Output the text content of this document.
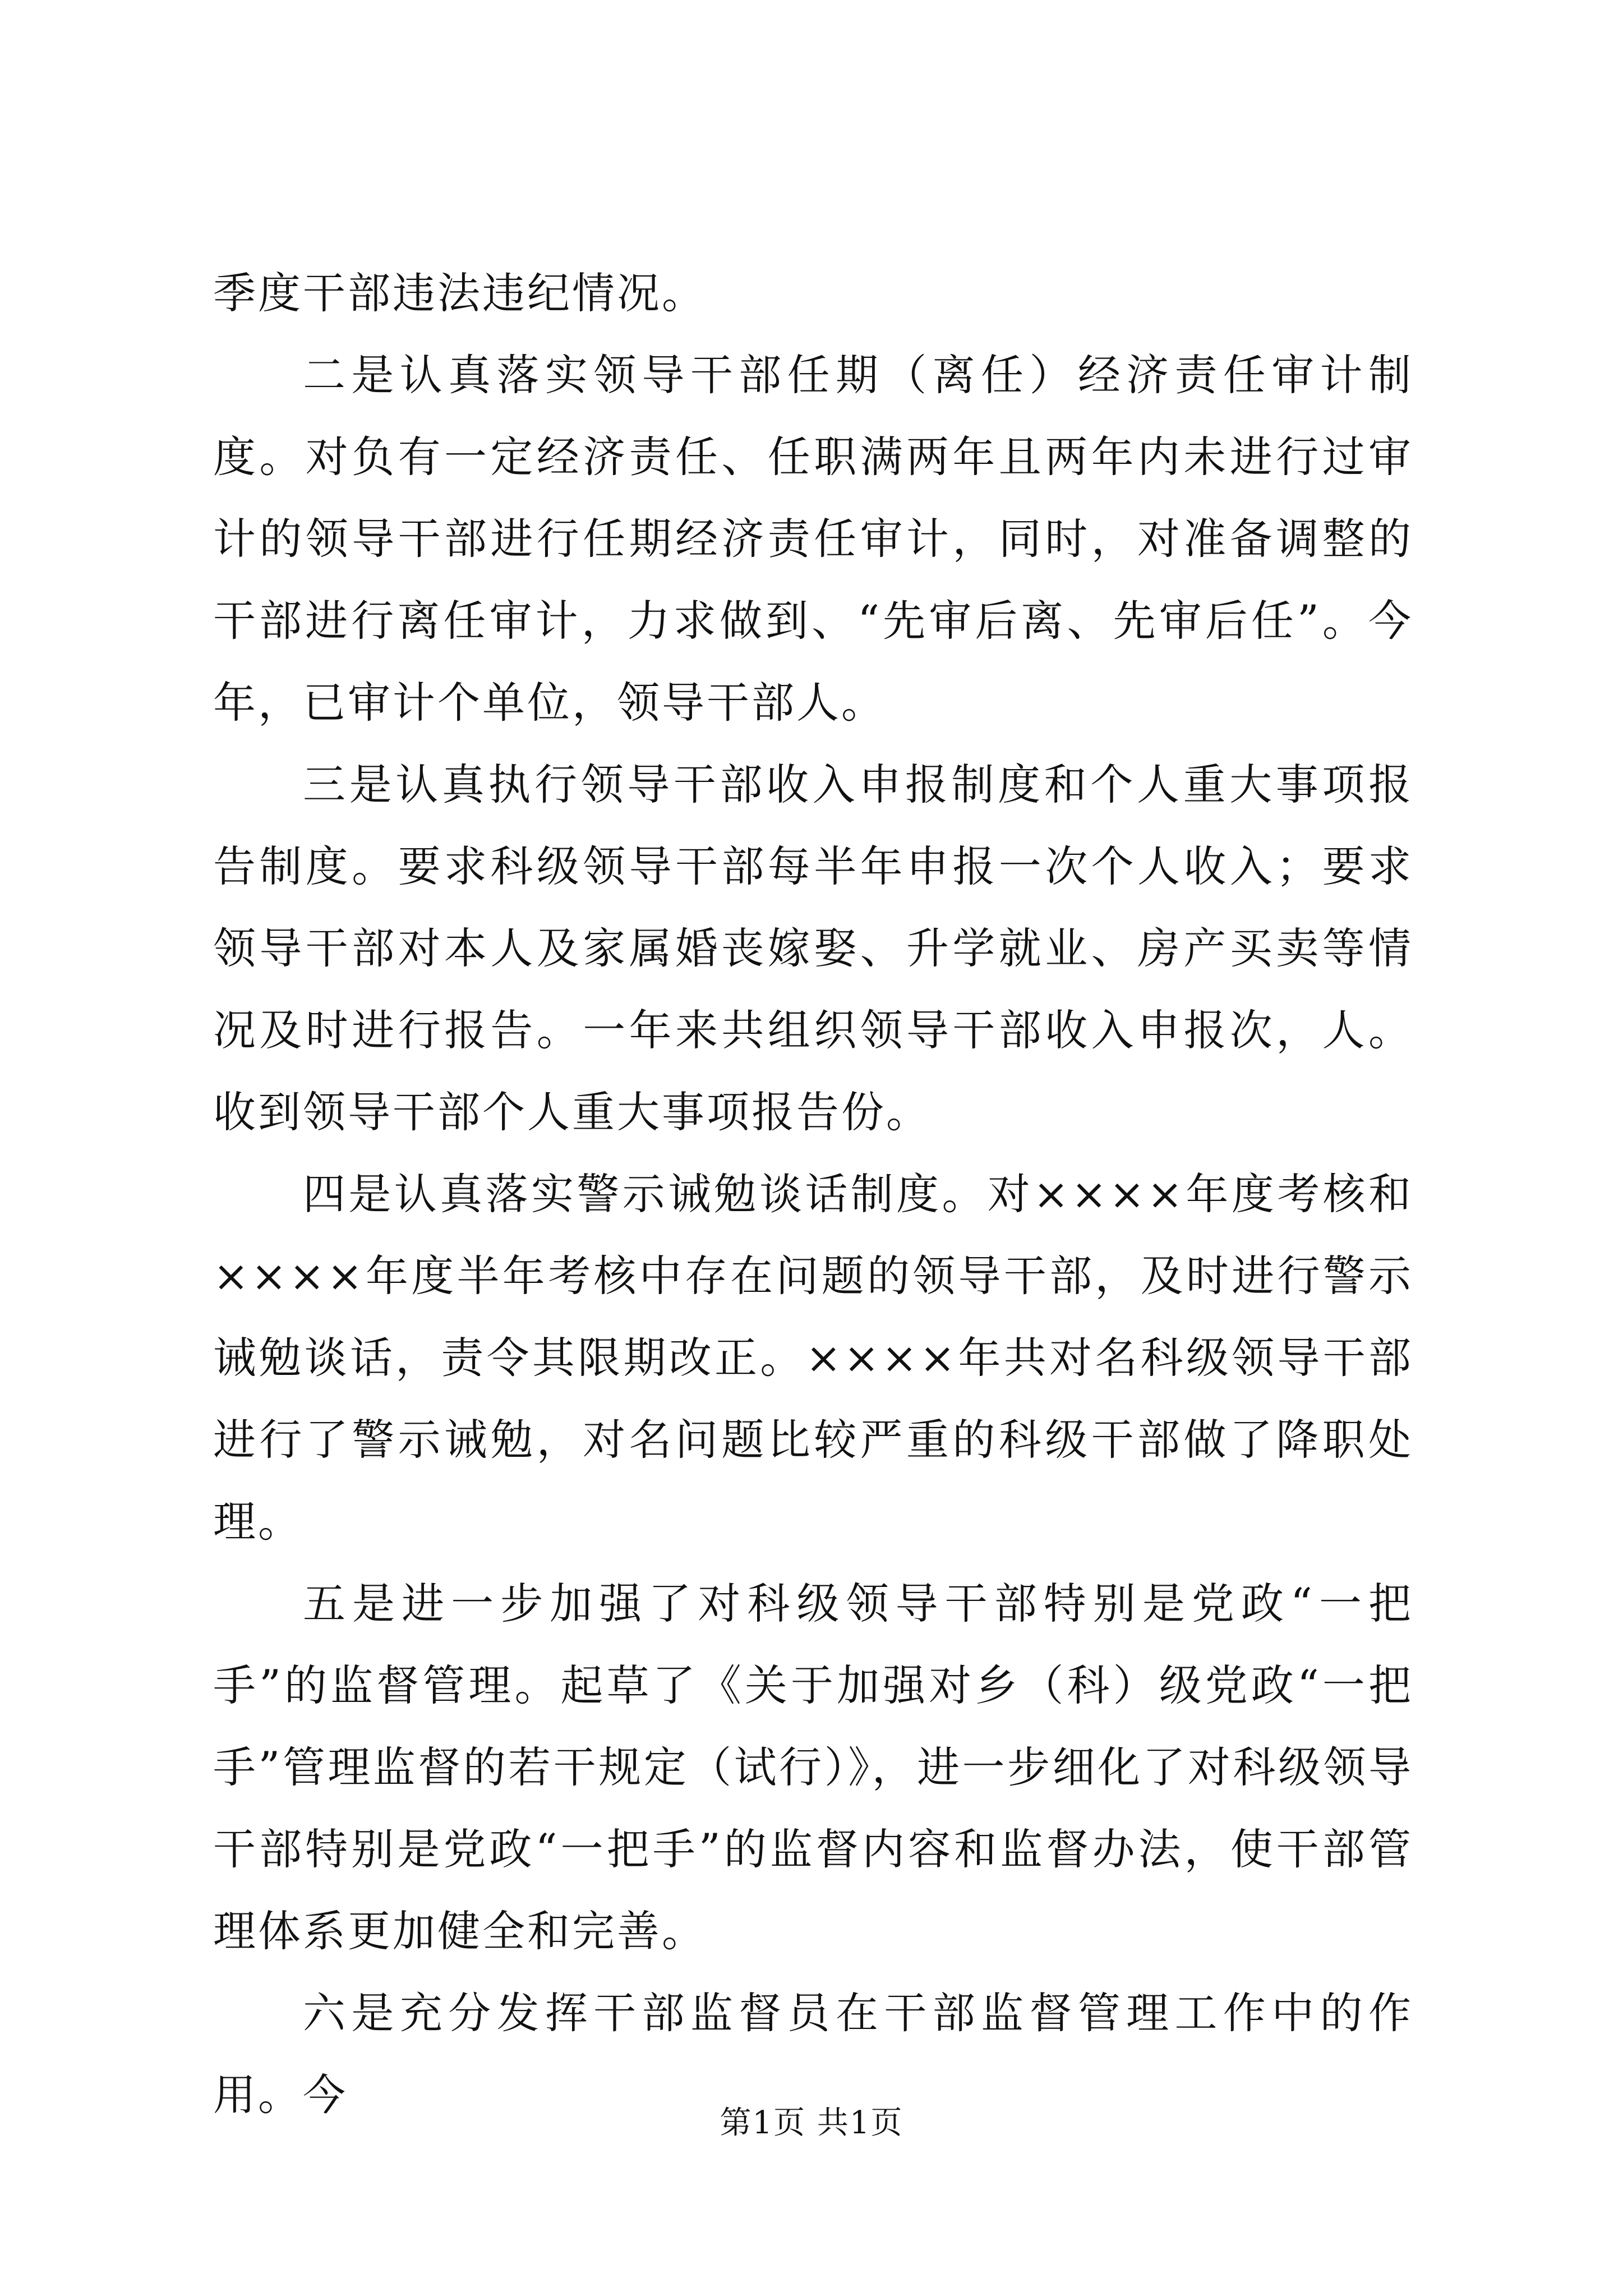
季度干部违法违纪情况。

二是认真落实领导干部任期（离任）经济责任审计制度。对负有一定经济责任、任职满两年且两年内未进行过审计的领导干部进行任期经济责任审计，同时，对准备调整的干部进行离任审计，力求做到、“先审后离、先审后任”。今年，已审计个单位，领导干部人。

三是认真执行领导干部收入申报制度和个人重大事项报告制度。要求科级领导干部每半年申报一次个人收入；要求领导干部对本人及家属婚丧嫁娶、升学就业、房产买卖等情况及时进行报告。一年来共组织领导干部收入申报次，人。收到领导干部个人重大事项报告份。

四是认真落实警示诫勉谈话制度。对××××年度考核和××××年度半年考核中存在问题的领导干部，及时进行警示诫勉谈话，责令其限期改正。××××年共对名科级领导干部进行了警示诫勉，对名问题比较严重的科级干部做了降职处理。

五是进一步加强了对科级领导干部特别是党政“一把手”的监督管理。起草了《关于加强对乡（科）级党政“一把手”管理监督的若干规定（试行）》，进一步细化了对科级领导干部特别是党政“一把手”的监督内容和监督办法，使干部管理体系更加健全和完善。

六是充分发挥干部监督员在干部监督管理工作中的作用。今

第1页 共1页
